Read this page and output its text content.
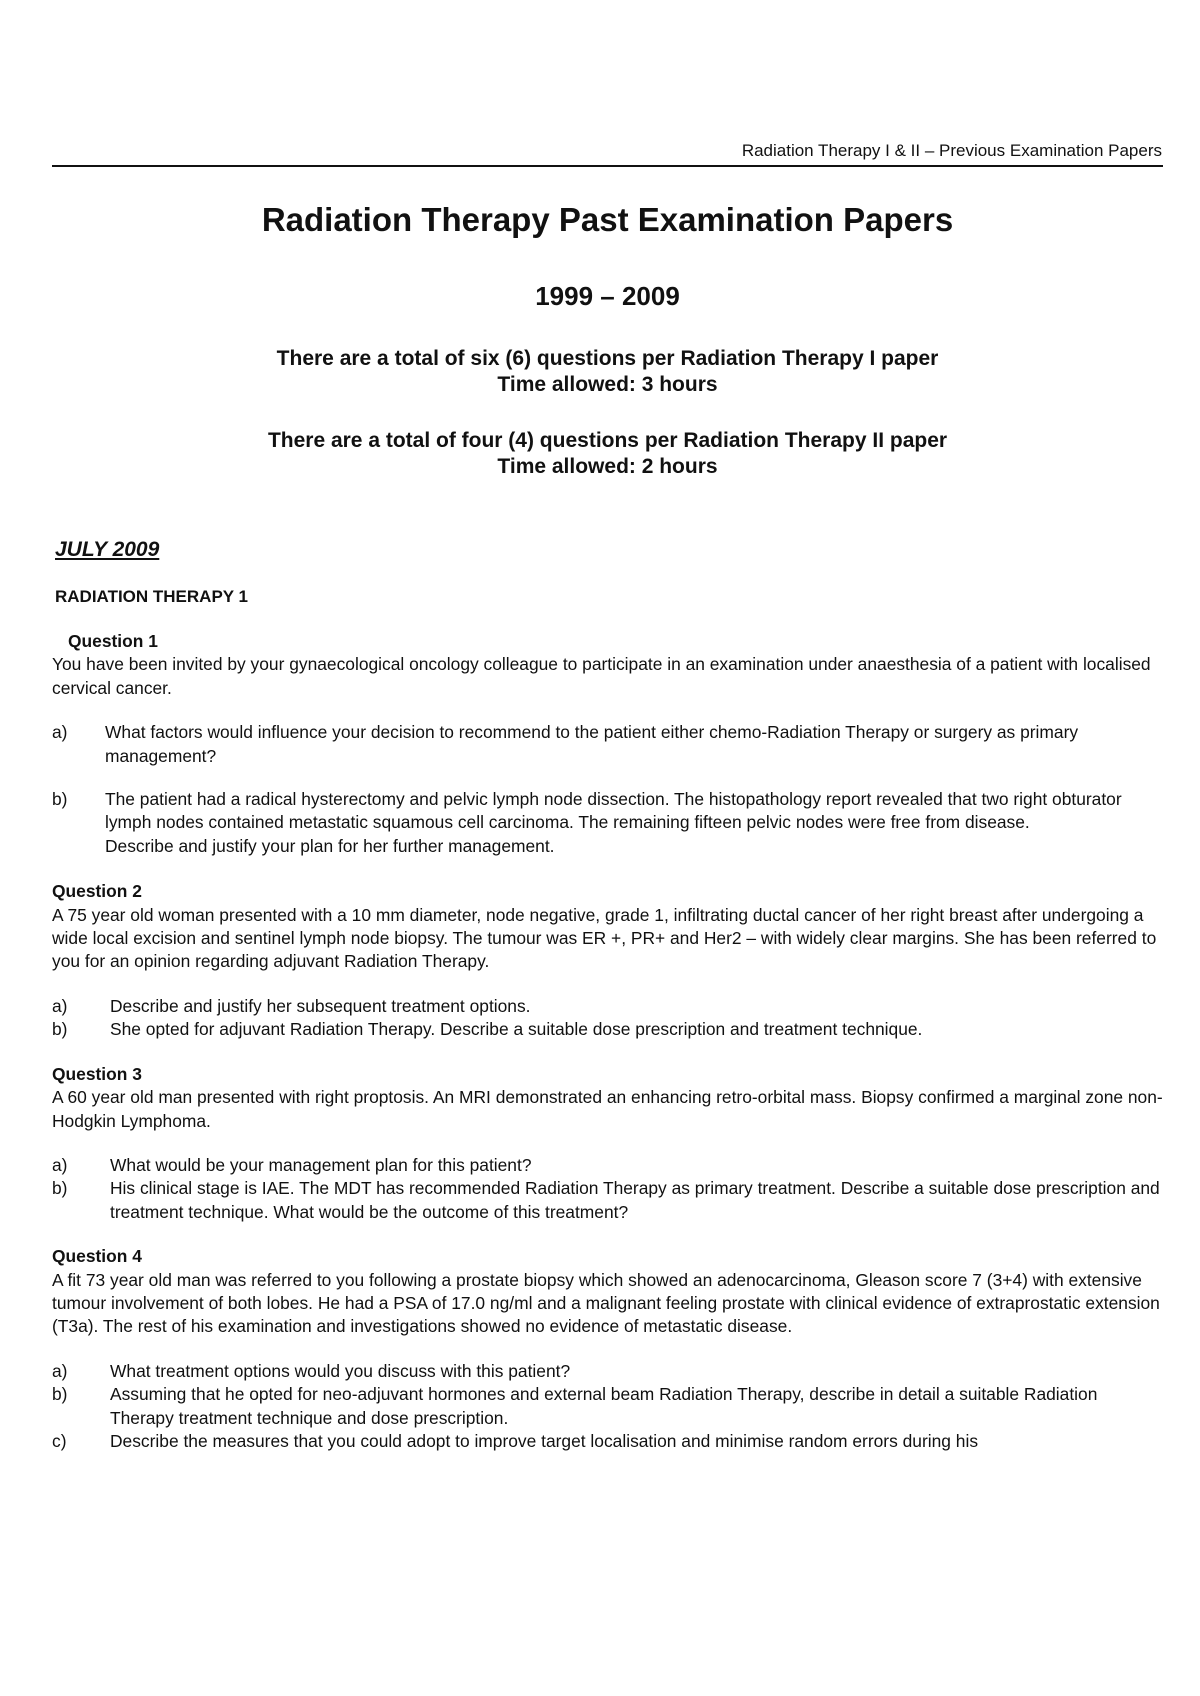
Radiation Therapy I & II – Previous Examination Papers
Radiation Therapy Past Examination Papers
1999 – 2009
There are a total of six (6) questions per Radiation Therapy I paper
Time allowed: 3 hours
There are a total of four (4) questions per Radiation Therapy II paper
Time allowed: 2 hours
JULY 2009
RADIATION THERAPY 1

Question 1

You have been invited by your gynaecological oncology colleague to participate in an examination under anaesthesia of a patient with localised cervical cancer.

a)	What factors would influence your decision to recommend to the patient either chemo-Radiation Therapy or surgery as primary management?
b)	The patient had a radical hysterectomy and pelvic lymph node dissection. The histopathology report revealed that two right obturator lymph nodes contained metastatic squamous cell carcinoma. The remaining fifteen pelvic nodes were free from disease.
Describe and justify your plan for her further management.

Question 2

A 75 year old woman presented with a 10 mm diameter, node negative, grade 1, infiltrating ductal cancer of her right breast after undergoing a wide local excision and sentinel lymph node biopsy. The tumour was ER +, PR+ and Her2 – with widely clear margins. She has been referred to you for an opinion regarding adjuvant Radiation Therapy.

a)	Describe and justify her subsequent treatment options.
b)	She opted for adjuvant Radiation Therapy. Describe a suitable dose prescription and treatment technique.

Question 3

A 60 year old man presented with right proptosis. An MRI demonstrated an enhancing retro-orbital mass. Biopsy confirmed a marginal zone non-Hodgkin Lymphoma.

a)	What would be your management plan for this patient?
b)	His clinical stage is IAE. The MDT has recommended Radiation Therapy as primary treatment. Describe a suitable dose prescription and treatment technique. What would be the outcome of this treatment?

Question 4

A fit 73 year old man was referred to you following a prostate biopsy which showed an adenocarcinoma, Gleason score 7 (3+4) with extensive tumour involvement of both lobes. He had a PSA of 17.0 ng/ml and a malignant feeling prostate with clinical evidence of extraprostatic extension (T3a). The rest of his examination and investigations showed no evidence of metastatic disease.

a)	What treatment options would you discuss with this patient?
b)	Assuming that he opted for neo-adjuvant hormones and external beam Radiation Therapy, describe in detail a suitable Radiation Therapy treatment technique and dose prescription.
c)	Describe the measures that you could adopt to improve target localisation and minimise random errors during his
